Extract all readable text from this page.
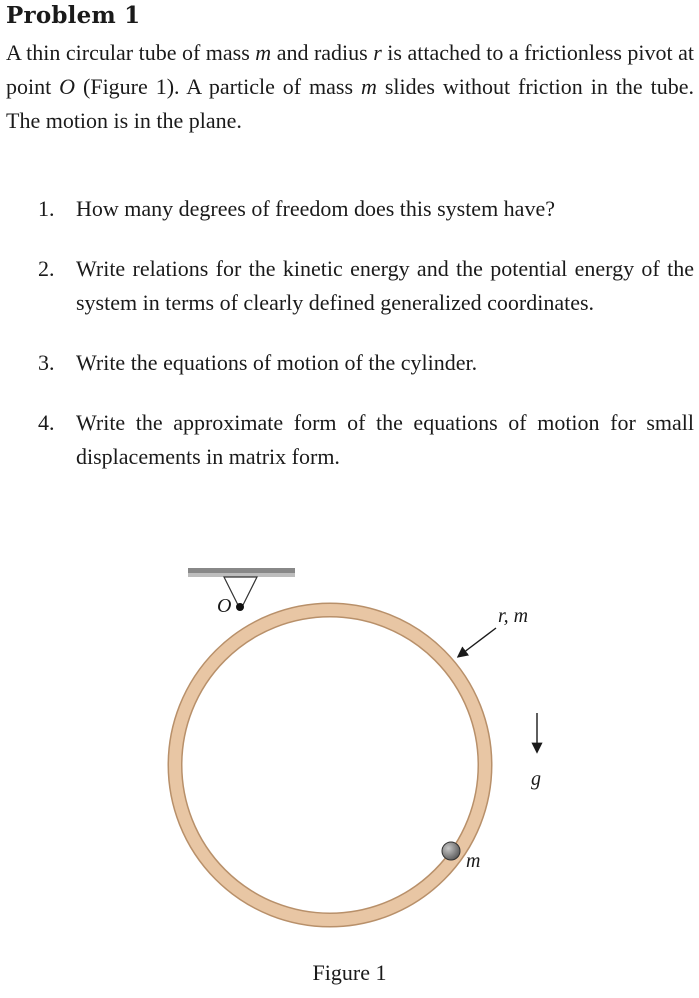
Problem 1
A thin circular tube of mass m and radius r is attached to a frictionless pivot at point O (Figure 1). A particle of mass m slides without friction in the tube. The motion is in the plane.
1. How many degrees of freedom does this system have?
2. Write relations for the kinetic energy and the potential energy of the system in terms of clearly defined generalized coordinates.
3. Write the equations of motion of the cylinder.
4. Write the approximate form of the equations of motion for small displacements in matrix form.
O	r, m
g
m
Figure 1
